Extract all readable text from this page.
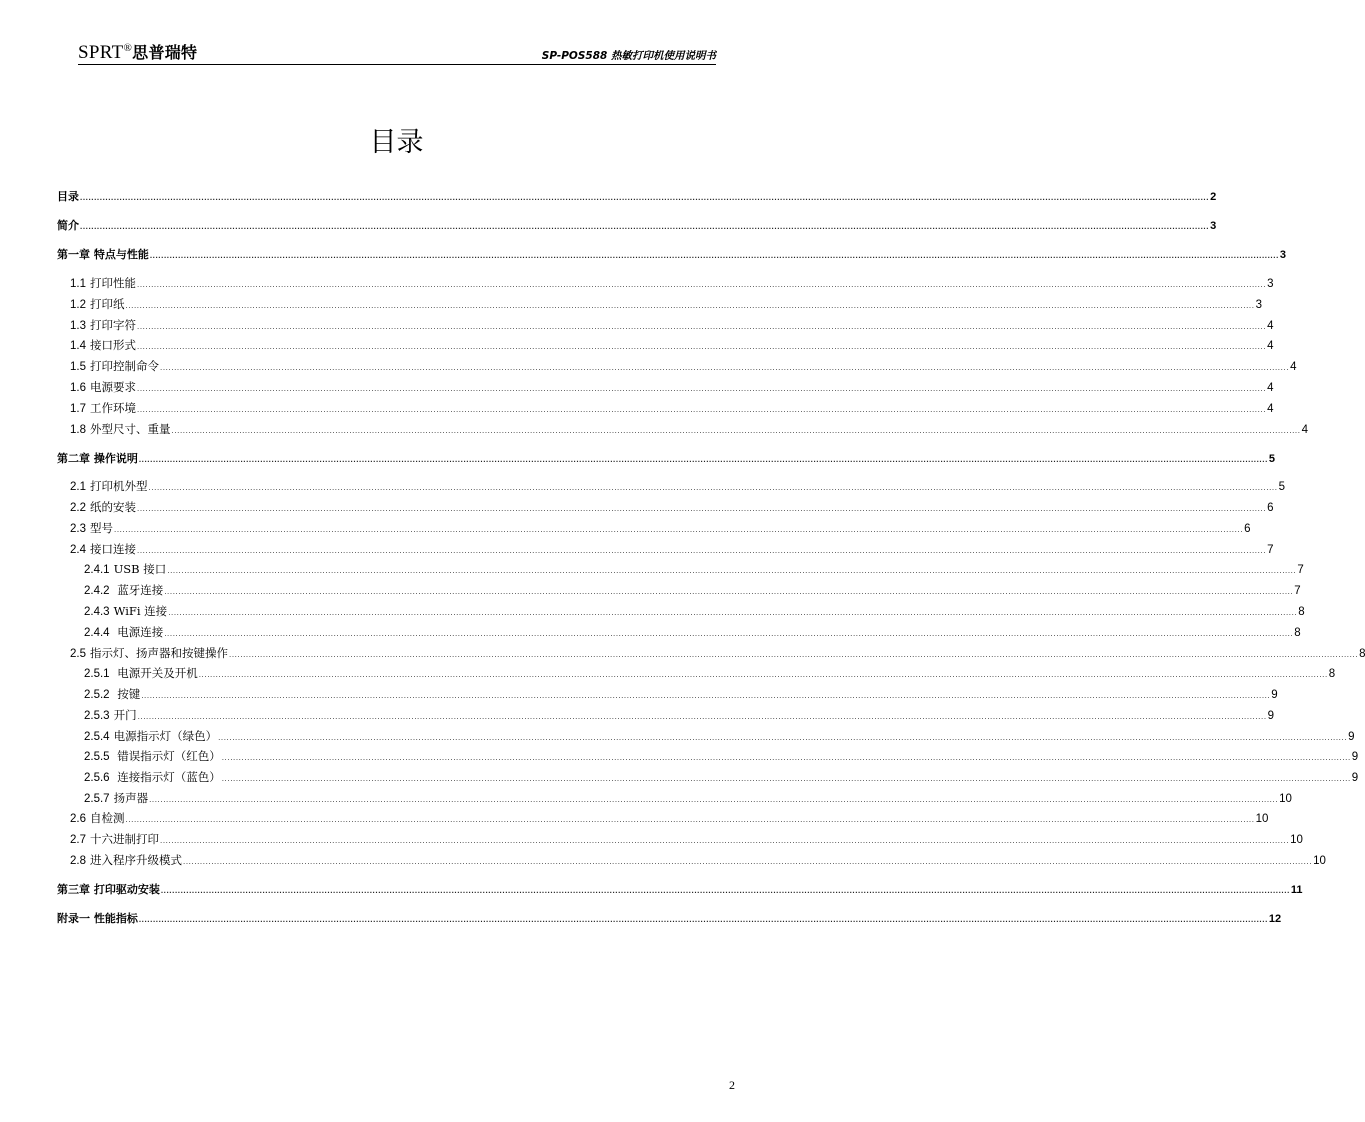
SPRT®思普瑞特	SP-POS588 热敏打印机使用说明书
目录
目录 ................................................................................................................................................................................................................................................................................................................................................................................................................ 2
简介 ................................................................................................................................................................................................................................................................................................................................................................................................................ 3
第一章 特点与性能 ................................................................................................................................................................................................................................................................................................................................................................................................................ 3
1.1 打印性能 ................................................................................................................................................................................................................................................................................................................................................................................................................ 3
1.2 打印纸 ................................................................................................................................................................................................................................................................................................................................................................................................................ 3
1.3 打印字符 ................................................................................................................................................................................................................................................................................................................................................................................................................ 4
1.4 接口形式 ................................................................................................................................................................................................................................................................................................................................................................................................................ 4
1.5 打印控制命令 ................................................................................................................................................................................................................................................................................................................................................................................................................ 4
1.6 电源要求 ................................................................................................................................................................................................................................................................................................................................................................................................................ 4
1.7 工作环境 ................................................................................................................................................................................................................................................................................................................................................................................................................ 4
1.8 外型尺寸、重量 ................................................................................................................................................................................................................................................................................................................................................................................................................ 4
第二章 操作说明 ................................................................................................................................................................................................................................................................................................................................................................................................................ 5
2.1 打印机外型 ................................................................................................................................................................................................................................................................................................................................................................................................................ 5
2.2 纸的安装 ................................................................................................................................................................................................................................................................................................................................................................................................................ 6
2.3 型号 ................................................................................................................................................................................................................................................................................................................................................................................................................ 6
2.4 接口连接 ................................................................................................................................................................................................................................................................................................................................................................................................................ 7
2.4.1 USB 接口 ................................................................................................................................................................................................................................................................................................................................................................................................................ 7
2.4.2 蓝牙连接 ................................................................................................................................................................................................................................................................................................................................................................................................................ 7
2.4.3 WiFi 连接 ................................................................................................................................................................................................................................................................................................................................................................................................................ 8
2.4.4 电源连接 ................................................................................................................................................................................................................................................................................................................................................................................................................ 8
2.5 指示灯、扬声器和按键操作 ................................................................................................................................................................................................................................................................................................................................................................................................................ 8
2.5.1 电源开关及开机 ................................................................................................................................................................................................................................................................................................................................................................................................................ 8
2.5.2 按键 ................................................................................................................................................................................................................................................................................................................................................................................................................ 9
2.5.3 开门 ................................................................................................................................................................................................................................................................................................................................................................................................................ 9
2.5.4 电源指示灯（绿色） ................................................................................................................................................................................................................................................................................................................................................................................................................ 9
2.5.5 错误指示灯（红色） ................................................................................................................................................................................................................................................................................................................................................................................................................ 9
2.5.6 连接指示灯（蓝色） ................................................................................................................................................................................................................................................................................................................................................................................................................ 9
2.5.7 扬声器 ................................................................................................................................................................................................................................................................................................................................................................................................................ 10
2.6 自检测 ................................................................................................................................................................................................................................................................................................................................................................................................................ 10
2.7 十六进制打印 ................................................................................................................................................................................................................................................................................................................................................................................................................ 10
2.8 进入程序升级模式 ................................................................................................................................................................................................................................................................................................................................................................................................................ 10
第三章 打印驱动安装 ................................................................................................................................................................................................................................................................................................................................................................................................................ 11
附录一 性能指标 ................................................................................................................................................................................................................................................................................................................................................................................................................ 12
2
